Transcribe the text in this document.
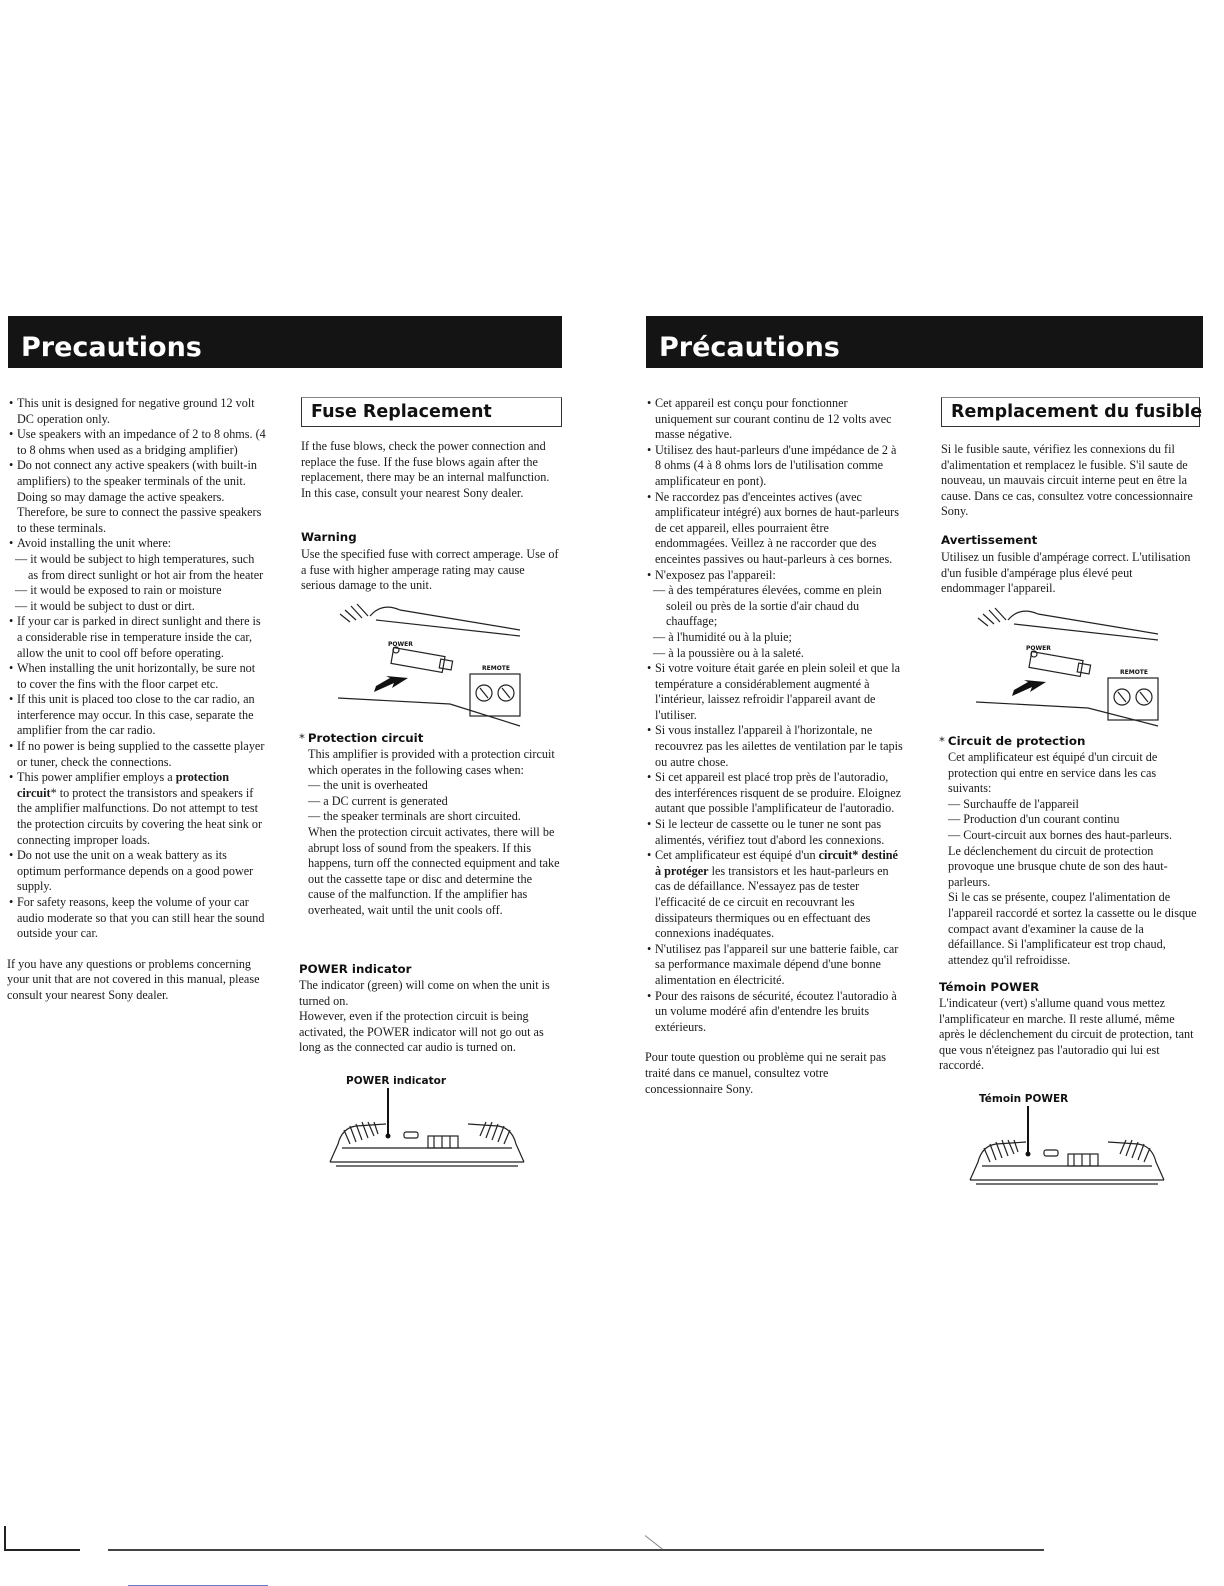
Precautions

• This unit is designed for negative ground 12 volt DC operation only.

• Use speakers with an impedance of 2 to 8 ohms. (4 to 8 ohms when used as a bridging amplifier)

• Do not connect any active speakers (with built-in amplifiers) to the speaker terminals of the unit. Doing so may damage the active speakers. Therefore, be sure to connect the passive speakers to these terminals.

• Avoid installing the unit where:

— it would be subject to high temperatures, such as from direct sunlight or hot air from the heater

— it would be exposed to rain or moisture

— it would be subject to dust or dirt.

• If your car is parked in direct sunlight and there is a considerable rise in temperature inside the car, allow the unit to cool off before operating.

• When installing the unit horizontally, be sure not to cover the fins with the floor carpet etc.

• If this unit is placed too close to the car radio, an interference may occur. In this case, separate the amplifier from the car radio.

• If no power is being supplied to the cassette player or tuner, check the connections.

• This power amplifier employs a protection circuit* to protect the transistors and speakers if the amplifier malfunctions. Do not attempt to test the protection circuits by covering the heat sink or connecting improper loads.

• Do not use the unit on a weak battery as its optimum performance depends on a good power supply.

• For safety reasons, keep the volume of your car audio moderate so that you can still hear the sound outside your car.

If you have any questions or problems concerning your unit that are not covered in this manual, please consult your nearest Sony dealer.

Fuse Replacement

If the fuse blows, check the power connection and replace the fuse. If the fuse blows again after the replacement, there may be an internal malfunction. In this case, consult your nearest Sony dealer.

Warning

Use the specified fuse with correct amperage. Use of a fuse with higher amperage rating may cause serious damage to the unit.

POWER
REMOTE
* Protection circuit

This amplifier is provided with a protection circuit which operates in the following cases when:

— the unit is overheated

— a DC current is generated

— the speaker terminals are short circuited.

When the protection circuit activates, there will be abrupt loss of sound from the speakers. If this happens, turn off the connected equipment and take out the cassette tape or disc and determine the cause of the malfunction. If the amplifier has overheated, wait until the unit cools off.

POWER indicator

The indicator (green) will come on when the unit is turned on.

However, even if the protection circuit is being activated, the POWER indicator will not go out as long as the connected car audio is turned on.

POWER indicator
Précautions

• Cet appareil est conçu pour fonctionner uniquement sur courant continu de 12 volts avec masse négative.

• Utilisez des haut-parleurs d'une impédance de 2 à 8 ohms (4 à 8 ohms lors de l'utilisation comme amplificateur en pont).

• Ne raccordez pas d'enceintes actives (avec amplificateur intégré) aux bornes de haut-parleurs de cet appareil, elles pourraient être endommagées. Veillez à ne raccorder que des enceintes passives ou haut-parleurs à ces bornes.

• N'exposez pas l'appareil:

— à des températures élevées, comme en plein soleil ou près de la sortie d'air chaud du chauffage;

— à l'humidité ou à la pluie;

— à la poussière ou à la saleté.

• Si votre voiture était garée en plein soleil et que la température a considérablement augmenté à l'intérieur, laissez refroidir l'appareil avant de l'utiliser.

• Si vous installez l'appareil à l'horizontale, ne recouvrez pas les ailettes de ventilation par le tapis ou autre chose.

• Si cet appareil est placé trop près de l'autoradio, des interférences risquent de se produire. Eloignez autant que possible l'amplificateur de l'autoradio.

• Si le lecteur de cassette ou le tuner ne sont pas alimentés, vérifiez tout d'abord les connexions.

• Cet amplificateur est équipé d'un circuit* destiné à protéger les transistors et les haut-parleurs en cas de défaillance. N'essayez pas de tester l'efficacité de ce circuit en recouvrant les dissipateurs thermiques ou en effectuant des connexions inadéquates.

• N'utilisez pas l'appareil sur une batterie faible, car sa performance maximale dépend d'une bonne alimentation en électricité.

• Pour des raisons de sécurité, écoutez l'autoradio à un volume modéré afin d'entendre les bruits extérieurs.

Pour toute question ou problème qui ne serait pas traité dans ce manuel, consultez votre concessionnaire Sony.

Remplacement du fusible

Si le fusible saute, vérifiez les connexions du fil d'alimentation et remplacez le fusible. S'il saute de nouveau, un mauvais circuit interne peut en être la cause. Dans ce cas, consultez votre concessionnaire Sony.

Avertissement

Utilisez un fusible d'ampérage correct. L'utilisation d'un fusible d'ampérage plus élevé peut endommager l'appareil.

POWER
REMOTE
* Circuit de protection

Cet amplificateur est équipé d'un circuit de protection qui entre en service dans les cas suivants:

— Surchauffe de l'appareil

— Production d'un courant continu

— Court-circuit aux bornes des haut-parleurs.

Le déclenchement du circuit de protection provoque une brusque chute de son des haut-parleurs.
Si le cas se présente, coupez l'alimentation de l'appareil raccordé et sortez la cassette ou le disque compact avant d'examiner la cause de la défaillance. Si l'amplificateur est trop chaud, attendez qu'il refroidisse.

Témoin POWER

L'indicateur (vert) s'allume quand vous mettez l'amplificateur en marche. Il reste allumé, même après le déclenchement du circuit de protection, tant que vous n'éteignez pas l'autoradio qui lui est raccordé.

Témoin POWER
